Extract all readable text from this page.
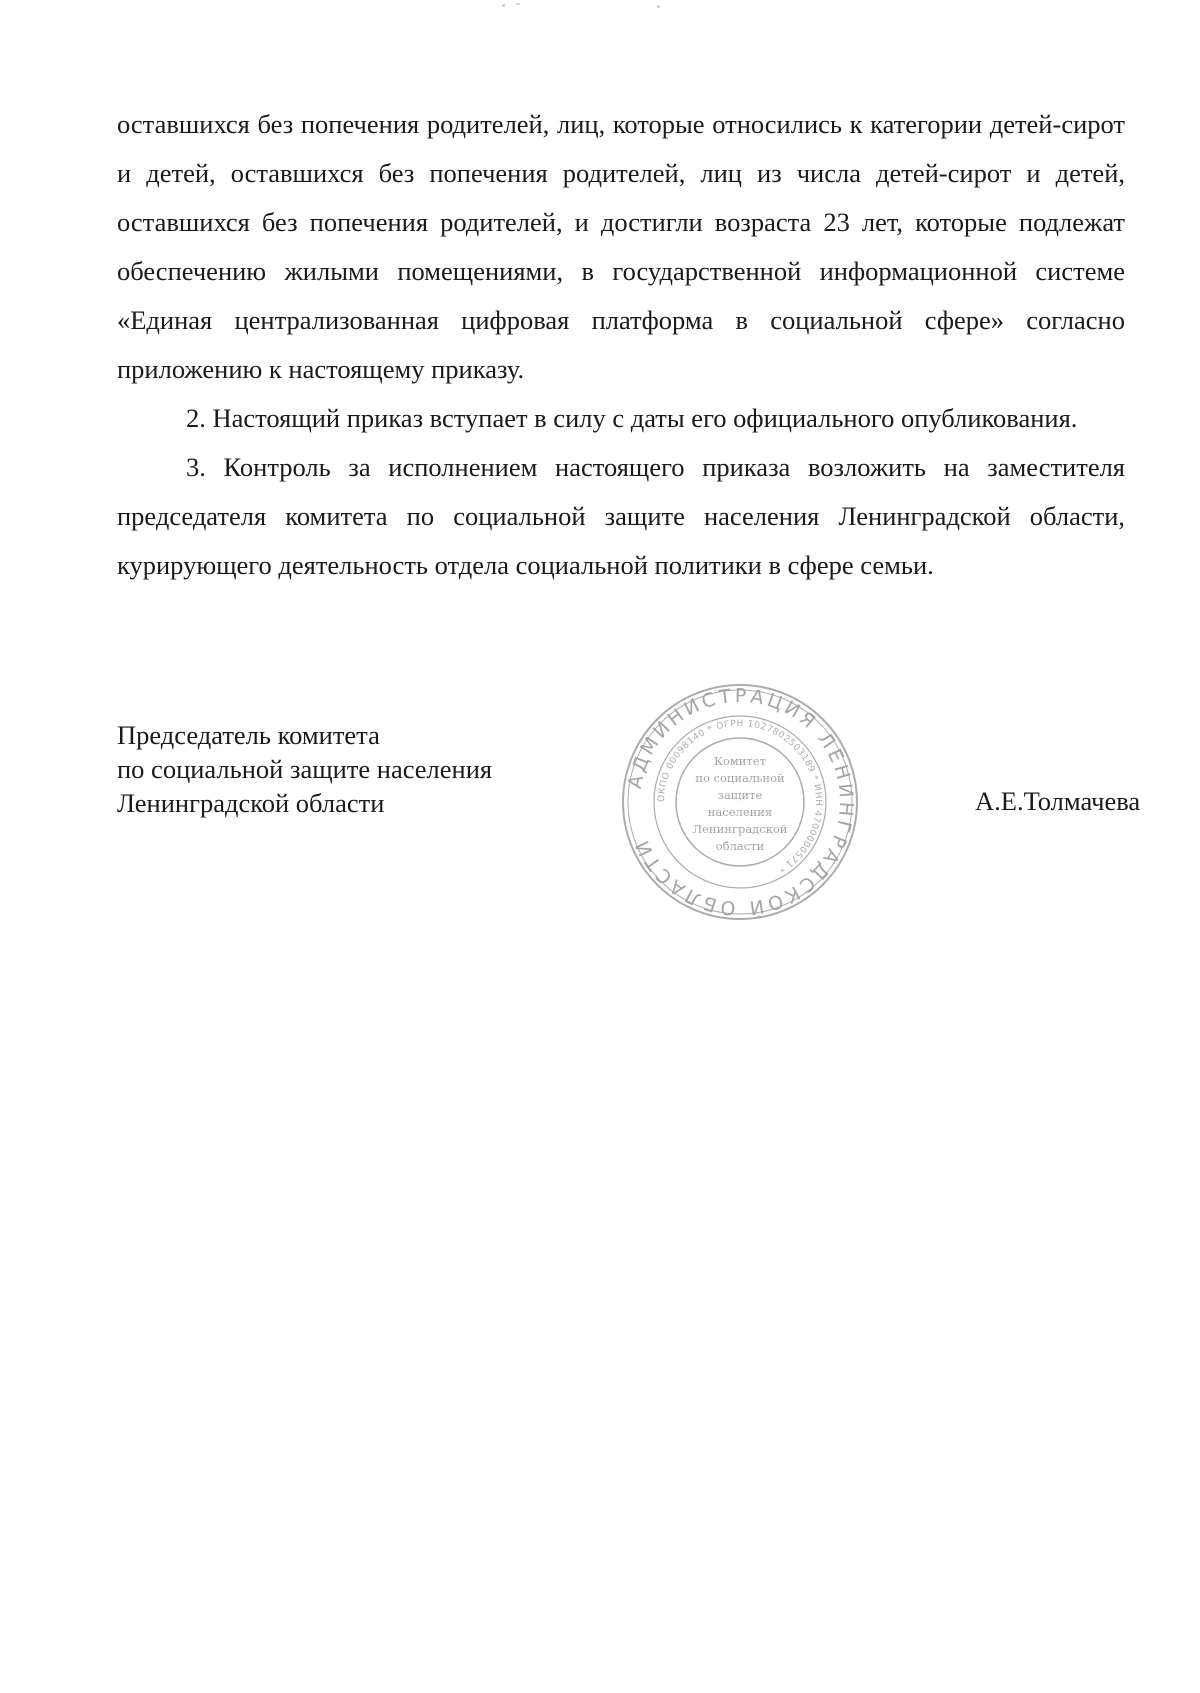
оставшихся без попечения родителей, лиц, которые относились к категории детей-сирот и детей, оставшихся без попечения родителей, лиц из числа детей-сирот и детей, оставшихся без попечения родителей, и достигли возраста 23 лет, которые подлежат обеспечению жилыми помещениями, в государственной информационной системе «Единая централизованная цифровая платформа в социальной сфере» согласно приложению к настоящему приказу.

2. Настоящий приказ вступает в силу с даты его официального опубликования.

3. Контроль за исполнением настоящего приказа возложить на заместителя председателя комитета по социальной защите населения Ленинградской области, курирующего деятельность отдела социальной политики в сфере семьи.

Председатель комитета
по социальной защите населения
Ленинградской области
АДМИНИСТРАЦИЯ ЛЕНИНГРАДСКОЙ ОБЛАСТИ
ОКПО 00098140 * ОГРН 1027802503189 * ИНН 4700000571 *
Комитет
по социальной
защите
населения
Ленинградской
области
А.Е.Толмачева
